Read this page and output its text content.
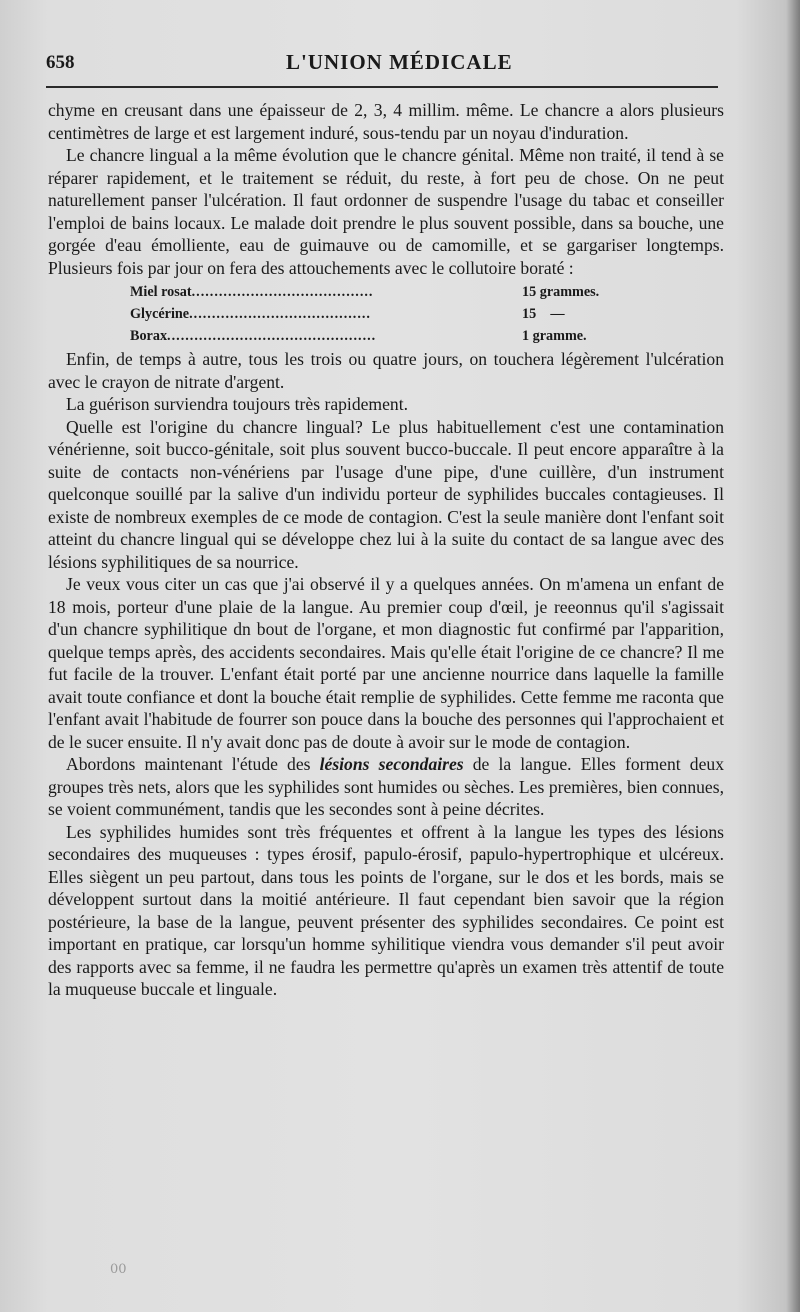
658	L'UNION MÉDICALE

chyme en creusant dans une épaisseur de 2, 3, 4 millim. même. Le chancre a alors plusieurs centimètres de large et est largement induré, sous-tendu par un noyau d'induration.

Le chancre lingual a la même évolution que le chancre génital. Même non traité, il tend à se réparer rapidement, et le traitement se réduit, du reste, à fort peu de chose. On ne peut naturellement panser l'ulcération. Il faut ordonner de suspendre l'usage du tabac et conseiller l'emploi de bains locaux. Le malade doit prendre le plus souvent possible, dans sa bouche, une gorgée d'eau émolliente, eau de guimauve ou de camomille, et se gargariser longtemps. Plusieurs fois par jour on fera des attouchements avec le collutoire boraté :

Miel rosat ........................................	15 grammes.
Glycérine ........................................	15    —
Borax ..............................................	1 gramme.

Enfin, de temps à autre, tous les trois ou quatre jours, on touchera légèrement l'ulcération avec le crayon de nitrate d'argent.

La guérison surviendra toujours très rapidement.

Quelle est l'origine du chancre lingual? Le plus habituellement c'est une contamination vénérienne, soit bucco-génitale, soit plus souvent bucco-buccale. Il peut encore apparaître à la suite de contacts non-vénériens par l'usage d'une pipe, d'une cuillère, d'un instrument quelconque souillé par la salive d'un individu porteur de syphilides buccales contagieuses. Il existe de nombreux exemples de ce mode de contagion. C'est la seule manière dont l'enfant soit atteint du chancre lingual qui se développe chez lui à la suite du contact de sa langue avec des lésions syphilitiques de sa nourrice.

Je veux vous citer un cas que j'ai observé il y a quelques années. On m'amena un enfant de 18 mois, porteur d'une plaie de la langue. Au premier coup d'œil, je reeonnus qu'il s'agissait d'un chancre syphilitique dn bout de l'organe, et mon diagnostic fut confirmé par l'apparition, quelque temps après, des accidents secondaires. Mais qu'elle était l'origine de ce chancre? Il me fut facile de la trouver. L'enfant était porté par une ancienne nourrice dans laquelle la famille avait toute confiance et dont la bouche était remplie de syphilides. Cette femme me raconta que l'enfant avait l'habitude de fourrer son pouce dans la bouche des personnes qui l'approchaient et de le sucer ensuite. Il n'y avait donc pas de doute à avoir sur le mode de contagion.

Abordons maintenant l'étude des lésions secondaires de la langue. Elles forment deux groupes très nets, alors que les syphilides sont humides ou sèches. Les premières, bien connues, se voient communément, tandis que les secondes sont à peine décrites.

Les syphilides humides sont très fréquentes et offrent à la langue les types des lésions secondaires des muqueuses : types érosif, papulo-érosif, papulo-hypertrophique et ulcéreux. Elles siègent un peu partout, dans tous les points de l'organe, sur le dos et les bords, mais se développent surtout dans la moitié antérieure. Il faut cependant bien savoir que la région postérieure, la base de la langue, peuvent présenter des syphilides secondaires. Ce point est important en pratique, car lorsqu'un homme syhilitique viendra vous demander s'il peut avoir des rapports avec sa femme, il ne faudra les permettre qu'après un examen très attentif de toute la muqueuse buccale et linguale.

00
